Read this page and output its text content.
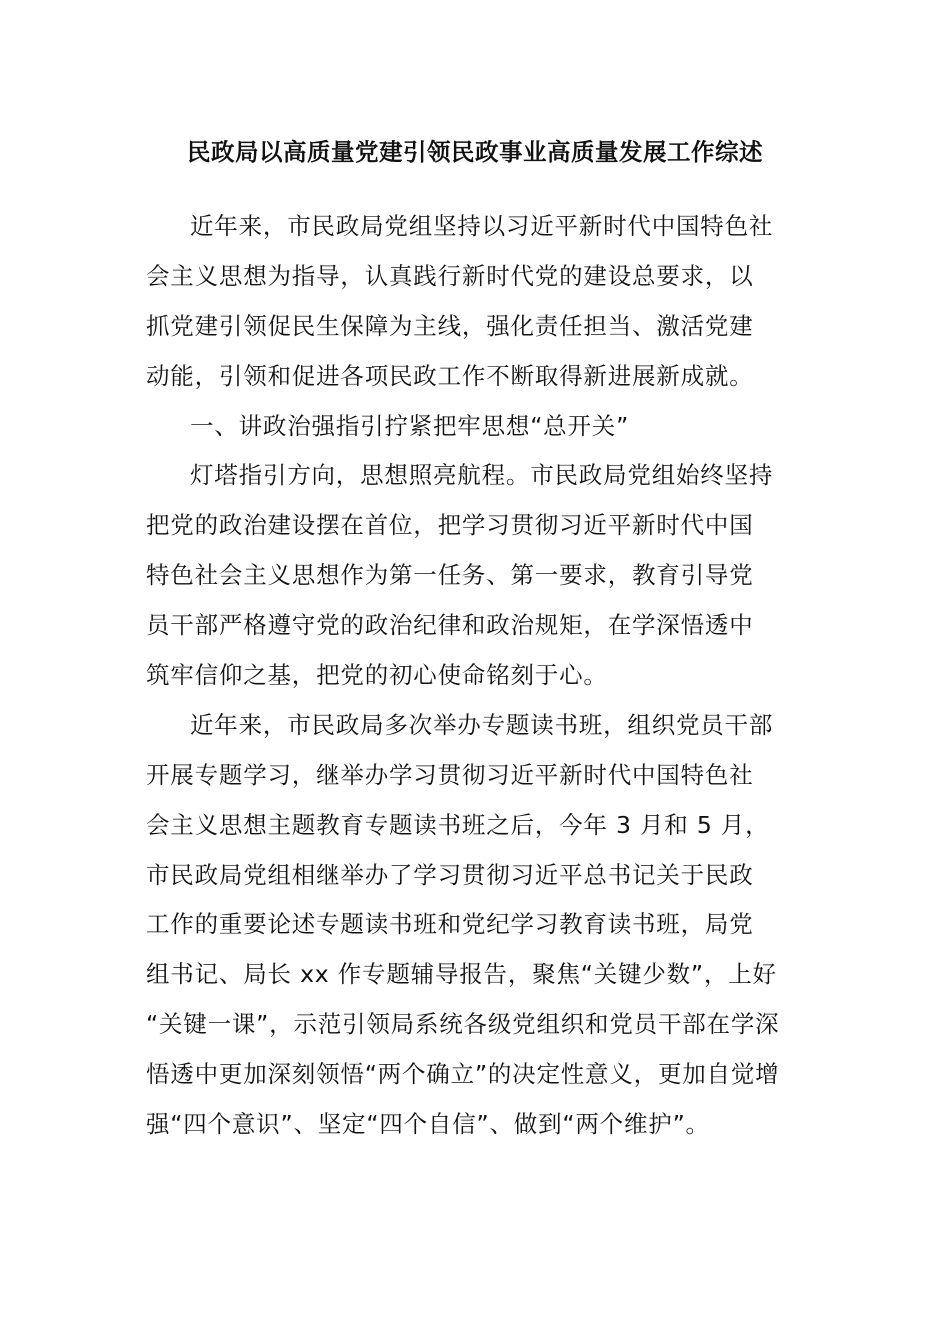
民政局以高质量党建引领民政事业高质量发展工作综述
近年来，市民政局党组坚持以习近平新时代中国特色社
会主义思想为指导，认真践行新时代党的建设总要求，以
抓党建引领促民生保障为主线，强化责任担当、激活党建
动能，引领和促进各项民政工作不断取得新进展新成就。
一、讲政治强指引拧紧把牢思想“总开关”
灯塔指引方向，思想照亮航程。市民政局党组始终坚持
把党的政治建设摆在首位，把学习贯彻习近平新时代中国
特色社会主义思想作为第一任务、第一要求，教育引导党
员干部严格遵守党的政治纪律和政治规矩，在学深悟透中
筑牢信仰之基，把党的初心使命铭刻于心。
近年来，市民政局多次举办专题读书班，组织党员干部
开展专题学习，继举办学习贯彻习近平新时代中国特色社
会主义思想主题教育专题读书班之后，今年 3 月和 5 月，
市民政局党组相继举办了学习贯彻习近平总书记关于民政
工作的重要论述专题读书班和党纪学习教育读书班，局党
组书记、局长 xx 作专题辅导报告，聚焦“关键少数”，上好
“关键一课”，示范引领局系统各级党组织和党员干部在学深
悟透中更加深刻领悟“两个确立”的决定性意义，更加自觉增
强“四个意识”、坚定“四个自信”、做到“两个维护”。
